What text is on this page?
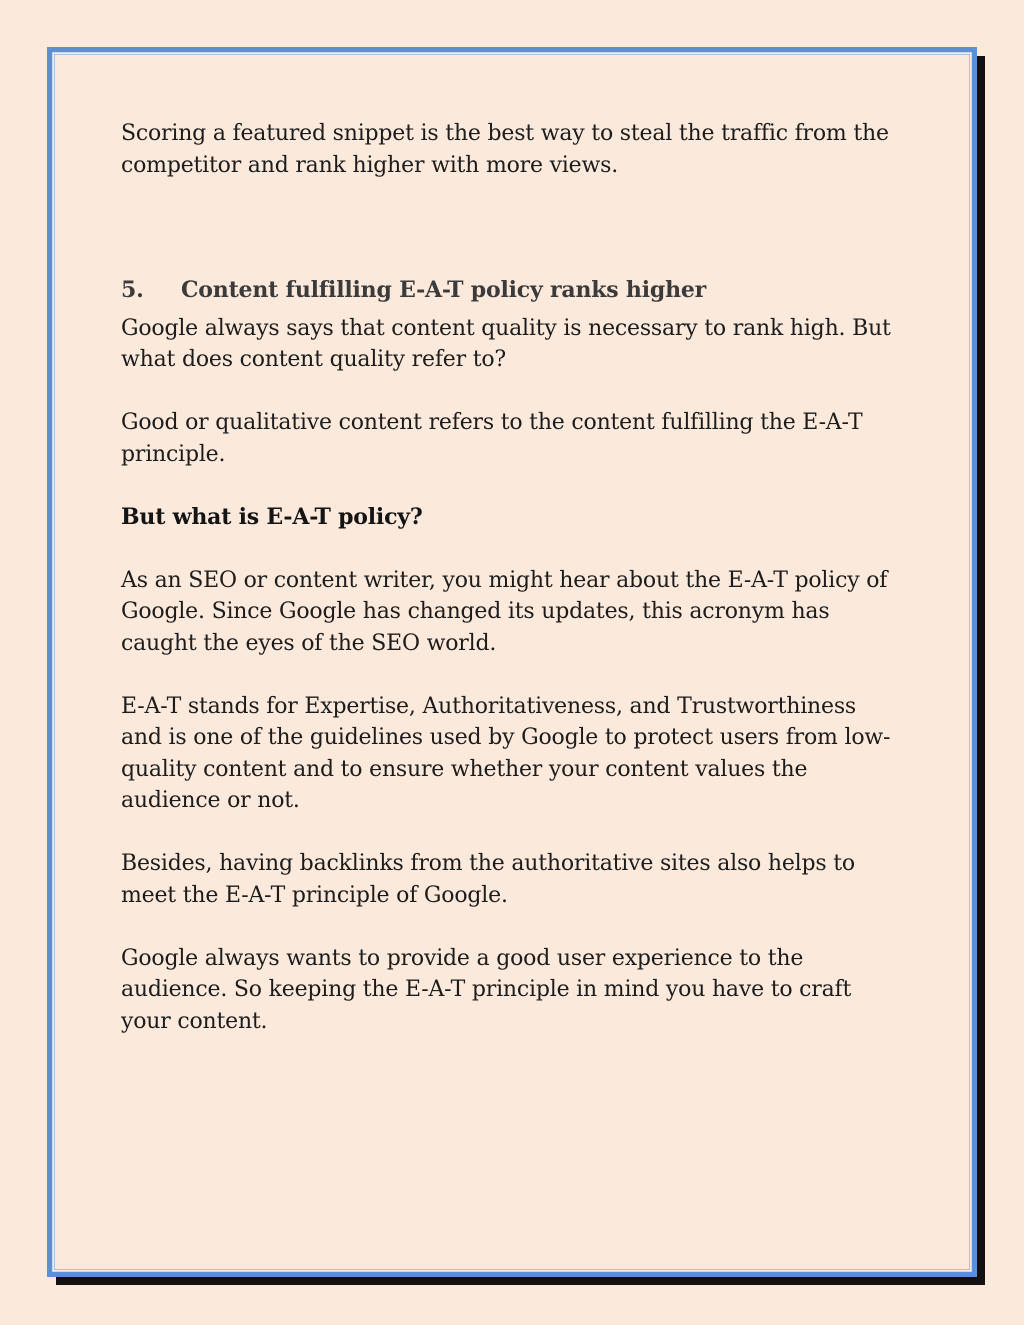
Scoring a featured snippet is the best way to steal the traffic from the competitor and rank higher with more views.

5.	Content fulfilling E-A-T policy ranks higher

Google always says that content quality is necessary to rank high. But what does content quality refer to?

Good or qualitative content refers to the content fulfilling the E-A-T principle.

But what is E-A-T policy?

As an SEO or content writer, you might hear about the E-A-T policy of Google. Since Google has changed its updates, this acronym has caught the eyes of the SEO world.

E-A-T stands for Expertise, Authoritativeness, and Trustworthiness and is one of the guidelines used by Google to protect users from low-quality content and to ensure whether your content values the audience or not.

Besides, having backlinks from the authoritative sites also helps to meet the E-A-T principle of Google.

Google always wants to provide a good user experience to the audience. So keeping the E-A-T principle in mind you have to craft your content.
